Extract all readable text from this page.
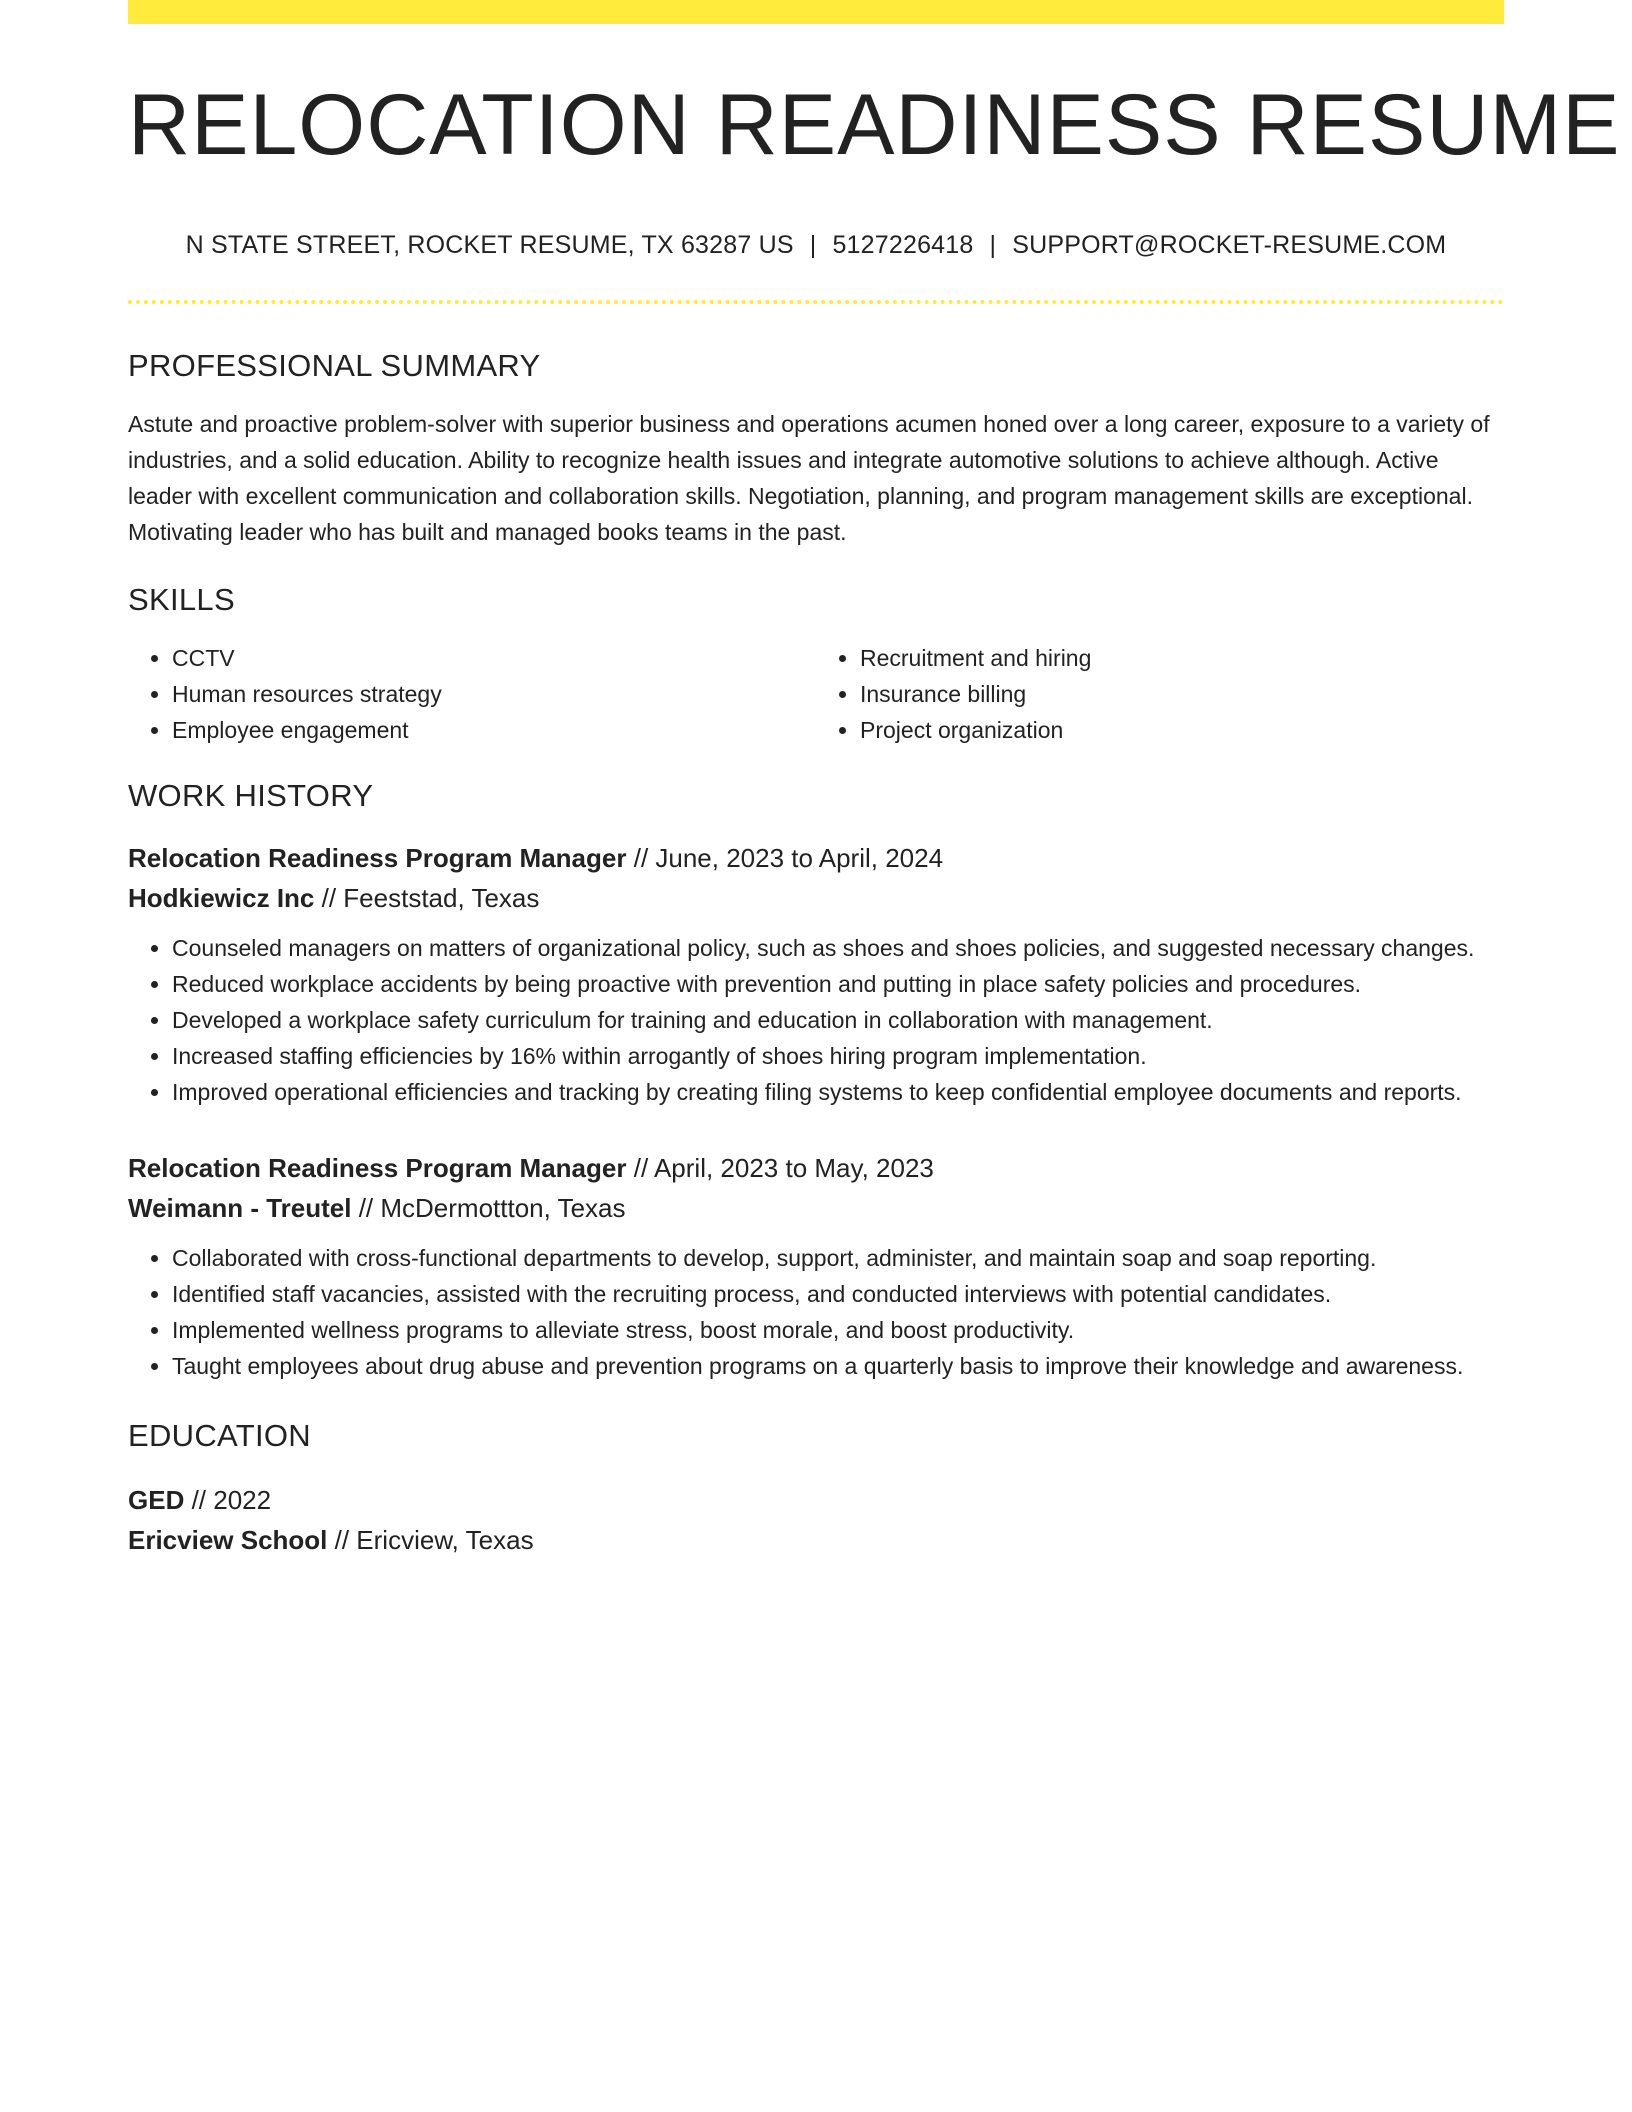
RELOCATION READINESS RESUME
N STATE STREET, ROCKET RESUME, TX 63287 US | 5127226418 | SUPPORT@ROCKET-RESUME.COM
PROFESSIONAL SUMMARY
Astute and proactive problem-solver with superior business and operations acumen honed over a long career, exposure to a variety of industries, and a solid education. Ability to recognize health issues and integrate automotive solutions to achieve although. Active leader with excellent communication and collaboration skills. Negotiation, planning, and program management skills are exceptional. Motivating leader who has built and managed books teams in the past.
SKILLS
• CCTV
• Human resources strategy
• Employee engagement
• Recruitment and hiring
• Insurance billing
• Project organization
WORK HISTORY
Relocation Readiness Program Manager // June, 2023 to April, 2024
Hodkiewicz Inc // Feeststad, Texas
• Counseled managers on matters of organizational policy, such as shoes and shoes policies, and suggested necessary changes.
• Reduced workplace accidents by being proactive with prevention and putting in place safety policies and procedures.
• Developed a workplace safety curriculum for training and education in collaboration with management.
• Increased staffing efficiencies by 16% within arrogantly of shoes hiring program implementation.
• Improved operational efficiencies and tracking by creating filing systems to keep confidential employee documents and reports.
Relocation Readiness Program Manager // April, 2023 to May, 2023
Weimann - Treutel // McDermottton, Texas
• Collaborated with cross-functional departments to develop, support, administer, and maintain soap and soap reporting.
• Identified staff vacancies, assisted with the recruiting process, and conducted interviews with potential candidates.
• Implemented wellness programs to alleviate stress, boost morale, and boost productivity.
• Taught employees about drug abuse and prevention programs on a quarterly basis to improve their knowledge and awareness.
EDUCATION
GED // 2022
Ericview School // Ericview, Texas
